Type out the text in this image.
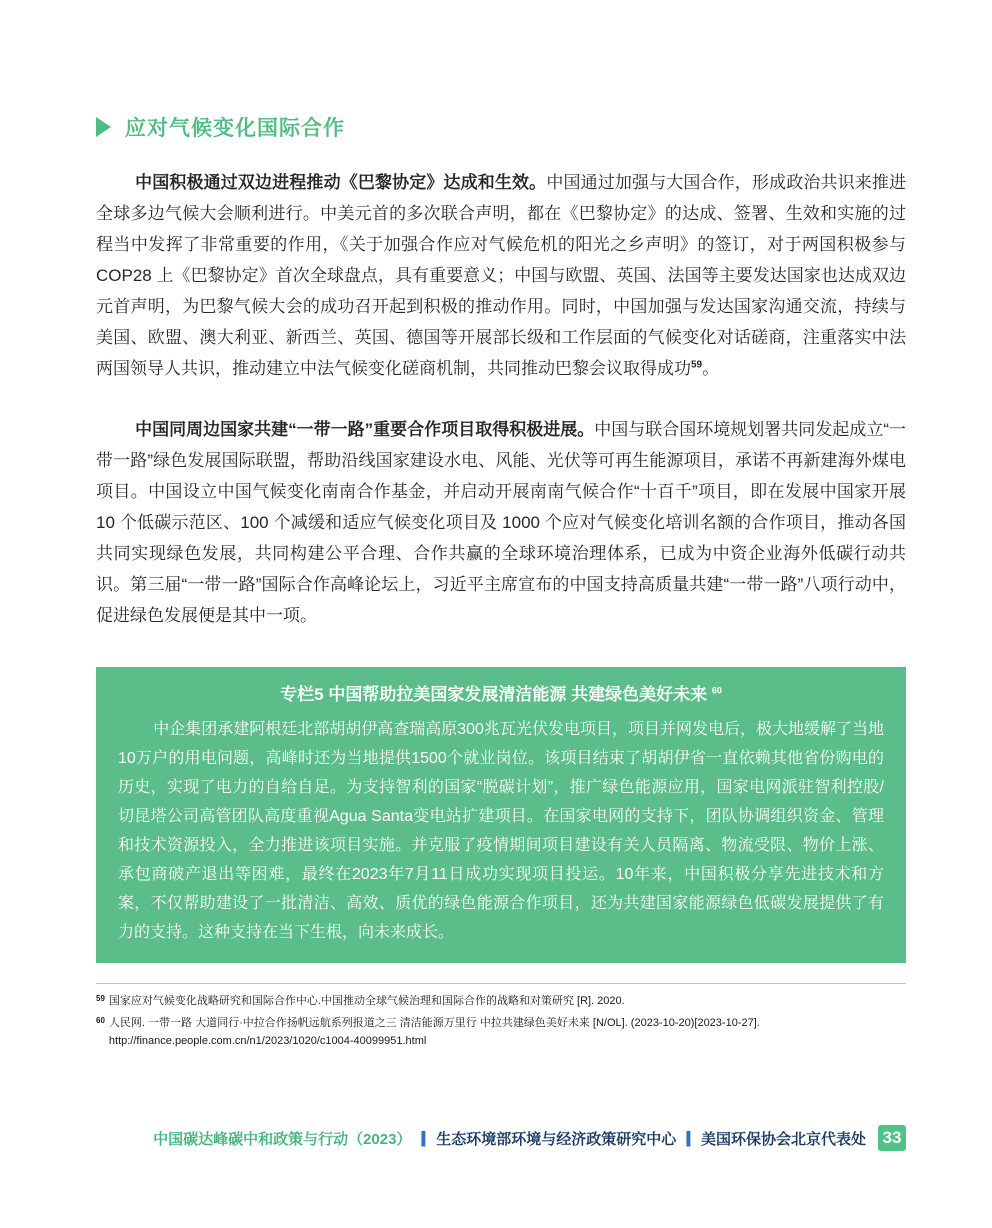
应对气候变化国际合作

中国积极通过双边进程推动《巴黎协定》达成和生效。中国通过加强与大国合作，形成政治共识来推进全球多边气候大会顺利进行。中美元首的多次联合声明，都在《巴黎协定》的达成、签署、生效和实施的过程当中发挥了非常重要的作用，《关于加强合作应对气候危机的阳光之乡声明》的签订，对于两国积极参与 COP28 上《巴黎协定》首次全球盘点，具有重要意义；中国与欧盟、英国、法国等主要发达国家也达成双边元首声明，为巴黎气候大会的成功召开起到积极的推动作用。同时，中国加强与发达国家沟通交流，持续与美国、欧盟、澳大利亚、新西兰、英国、德国等开展部长级和工作层面的气候变化对话磋商，注重落实中法两国领导人共识，推动建立中法气候变化磋商机制，共同推动巴黎会议取得成功$^{59}$。

中国同周边国家共建“一带一路”重要合作项目取得积极进展。中国与联合国环境规划署共同发起成立“一带一路”绿色发展国际联盟，帮助沿线国家建设水电、风能、光伏等可再生能源项目，承诺不再新建海外煤电项目。中国设立中国气候变化南南合作基金，并启动开展南南气候合作“十百千”项目，即在发展中国家开展 10 个低碳示范区、100 个减缓和适应气候变化项目及 1000 个应对气候变化培训名额的合作项目，推动各国共同实现绿色发展，共同构建公平合理、合作共赢的全球环境治理体系，已成为中资企业海外低碳行动共识。第三届“一带一路”国际合作高峰论坛上，习近平主席宣布的中国支持高质量共建“一带一路”八项行动中，促进绿色发展便是其中一项。

专栏5 中国帮助拉美国家发展清洁能源 共建绿色美好未来 $^{60}$

中企集团承建阿根廷北部胡胡伊高查瑞高原300兆瓦光伏发电项目，项目并网发电后，极大地缓解了当地10万户的用电问题，高峰时还为当地提供1500个就业岗位。该项目结束了胡胡伊省一直依赖其他省份购电的历史，实现了电力的自给自足。为支持智利的国家“脱碳计划”，推广绿色能源应用，国家电网派驻智利控股/切昆塔公司高管团队高度重视Agua Santa变电站扩建项目。在国家电网的支持下，团队协调组织资金、管理和技术资源投入，全力推进该项目实施。并克服了疫情期间项目建设有关人员隔离、物流受限、物价上涨、承包商破产退出等困难，最终在2023年7月11日成功实现项目投运。10年来，中国积极分享先进技术和方案，不仅帮助建设了一批清洁、高效、质优的绿色能源合作项目，还为共建国家能源绿色低碳发展提供了有力的支持。这种支持在当下生根，向未来成长。

59 国家应对气候变化战略研究和国际合作中心.中国推动全球气候治理和国际合作的战略和对策研究 [R]. 2020.
60 人民网. 一带一路 大道同行·中拉合作扬帆远航系列报道之三 清洁能源万里行 中拉共建绿色美好未来 [N/OL]. (2023-10-20)[2023-10-27]. http://finance.people.com.cn/n1/2023/1020/c1004-40099951.html
中国碳达峰碳中和政策与行动（2023） | 生态环境部环境与经济政策研究中心 | 美国环保协会北京代表处 33
